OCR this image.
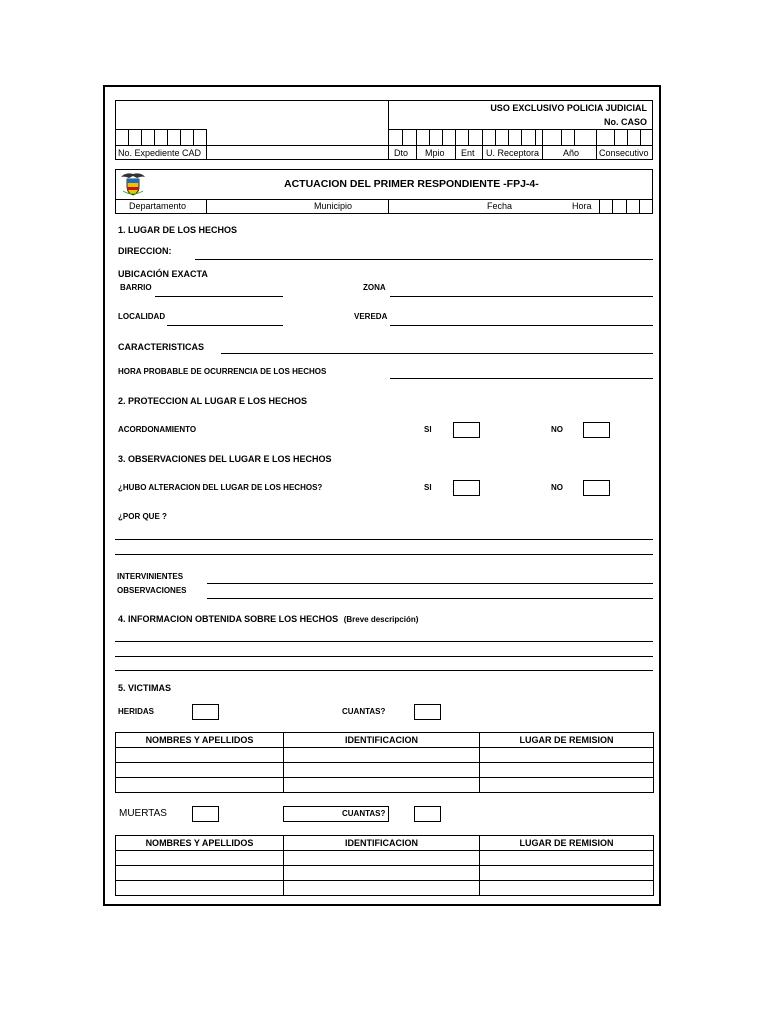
USO EXCLUSIVO POLICIA JUDICIAL
No. CASO
No. Expediente CAD	Dto Mpio Ent U. Receptora	Año Consecutivo
ACTUACION DEL PRIMER RESPONDIENTE -FPJ-4-
Departamento	Municipio	Fecha	Hora
1. LUGAR DE LOS HECHOS
DIRECCION:
UBICACIÓN EXACTA
BARRIO	ZONA
LOCALIDAD	VEREDA
CARACTERISTICAS
HORA PROBABLE DE OCURRENCIA DE LOS HECHOS
2. PROTECCION AL LUGAR E LOS HECHOS
ACORDONAMIENTO	SI	NO
3. OBSERVACIONES DEL LUGAR E LOS HECHOS
¿HUBO ALTERACION DEL LUGAR DE LOS HECHOS?	SI	NO
¿POR QUE ?
INTERVINIENTES
OBSERVACIONES
4. INFORMACION OBTENIDA SOBRE LOS HECHOS (Breve descripción)
5. VICTIMAS
HERIDAS	CUANTAS?
NOMBRES Y APELLIDOS	IDENTIFICACION	LUGAR DE REMISION

MUERTAS	CUANTAS?
NOMBRES Y APELLIDOS	IDENTIFICACION	LUGAR DE REMISION
